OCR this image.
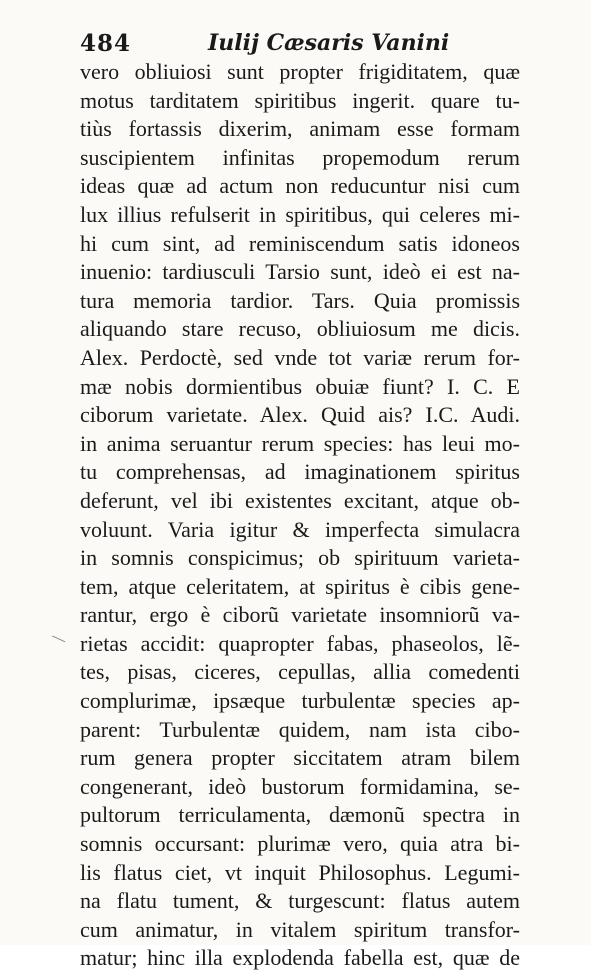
484	Iulij Cæsaris Vanini
vero obliuiosi sunt propter frigiditatem, quæ
motus tarditatem spiritibus ingerit. quare tu-
tiùs fortassis dixerim, animam esse formam
suscipientem infinitas propemodum rerum
ideas quæ ad actum non reducuntur nisi cum
lux illius refulserit in spiritibus, qui celeres mi-
hi cum sint, ad reminiscendum satis idoneos
inuenio: tardiusculi Tarsio sunt, ideò ei est na-
tura memoria tardior. Tars. Quia promissis
aliquando stare recuso, obliuiosum me dicis.
Alex. Perdoctè, sed vnde tot variæ rerum for-
mæ nobis dormientibus obuiæ fiunt? I. C. E
ciborum varietate. Alex. Quid ais? I.C. Audi.
in anima seruantur rerum species: has leui mo-
tu comprehensas, ad imaginationem spiritus
deferunt, vel ibi existentes excitant, atque ob-
voluunt. Varia igitur & imperfecta simulacra
in somnis conspicimus; ob spirituum varieta-
tem, atque celeritatem, at spiritus è cibis gene-
rantur, ergo è ciborũ varietate insomniorũ va-
rietas accidit: quapropter fabas, phaseolos, lẽ-
tes, pisas, ciceres, cepullas, allia comedenti
complurimæ, ipsæque turbulentæ species ap-
parent: Turbulentæ quidem, nam ista cibo-
rum genera propter siccitatem atram bilem
congenerant, ideò bustorum formidamina, se-
pultorum terriculamenta, dæmonũ spectra in
somnis occursant: plurimæ vero, quia atra bi-
lis flatus ciet, vt inquit Philosophus. Legumi-
na flatu tument, & turgescunt: flatus autem
cum animatur, in vitalem spiritum transfor-
matur; hinc illa explodenda fabella est, quæ de
